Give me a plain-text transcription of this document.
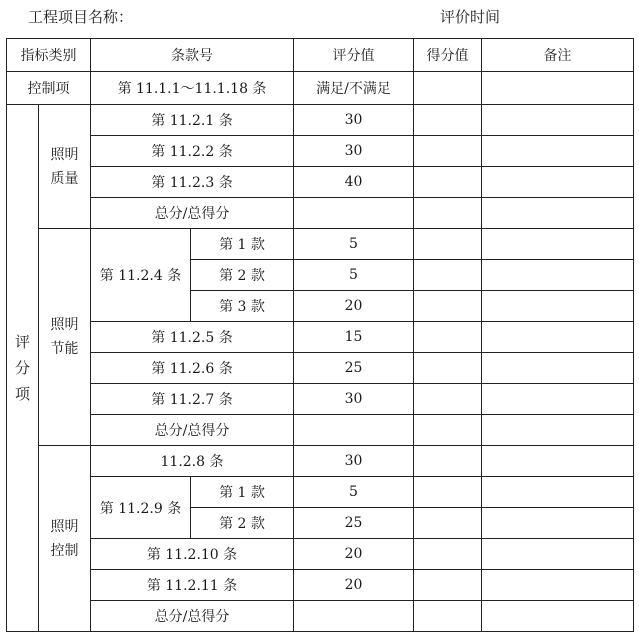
工程项目名称：	评价时间
指标类别		条款号		评分值	得分值	备注
控制项		第 11.1.1～11.1.18 条		满足/不满足		

评
分
项	照明
质量	第 11.2.1 条		30		
		第 11.2.2 条		30		
		第 11.2.3 条		40		
		总分/总得分				

	照明
节能	第 11.2.4 条	第 1 款	5		
			第 2 款	5		
			第 3 款	20		
		第 11.2.5 条		15		
		第 11.2.6 条		25		
		第 11.2.7 条		30		
		总分/总得分				

	照明
控制	11.2.8 条		30		
		第 11.2.9 条	第 1 款	5		
			第 2 款	25		
		第 11.2.10 条		20		
		第 11.2.11 条		20		
		总分/总得分				
